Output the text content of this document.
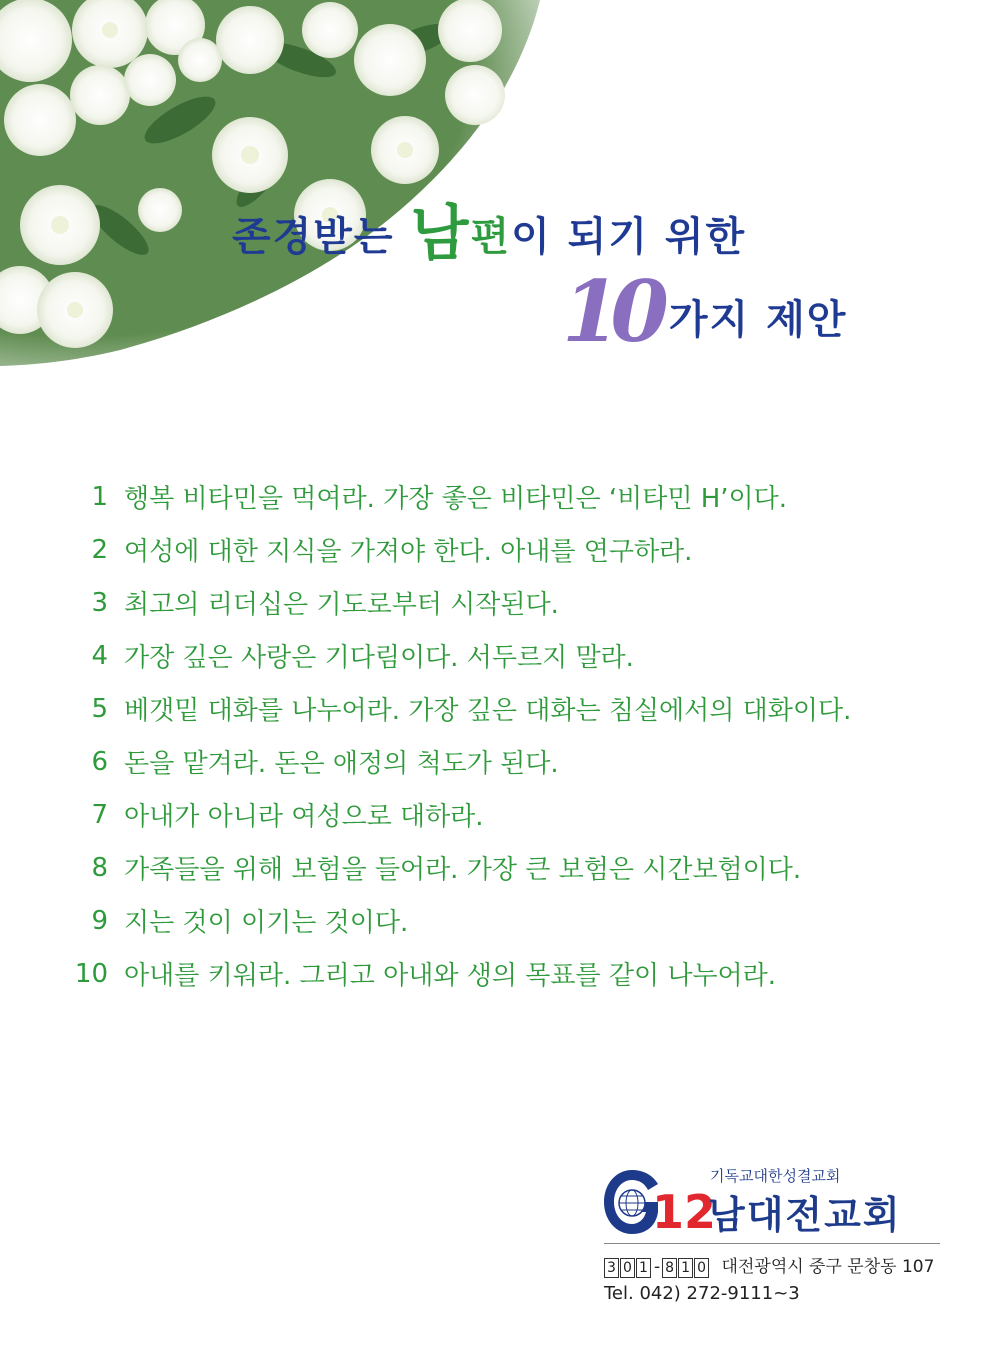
존경받는 남편이 되기 위한
10 가지 제안
1 행복 비타민을 먹여라. 가장 좋은 비타민은 ‘비타민 H’이다.
2 여성에 대한 지식을 가져야 한다. 아내를 연구하라.
3 최고의 리더십은 기도로부터 시작된다.
4 가장 깊은 사랑은 기다림이다. 서두르지 말라.
5 베갯밑 대화를 나누어라. 가장 깊은 대화는 침실에서의 대화이다.
6 돈을 맡겨라. 돈은 애정의 척도가 된다.
7 아내가 아니라 여성으로 대하라.
8 가족들을 위해 보험을 들어라. 가장 큰 보험은 시간보험이다.
9 지는 것이 이기는 것이다.
10 아내를 키워라. 그리고 아내와 생의 목표를 같이 나누어라.
12
기독교대한성결교회
남대전교회
3 0 1 - 8 1 0 대전광역시 중구 문창동 107
Tel. 042) 272-9111~3
